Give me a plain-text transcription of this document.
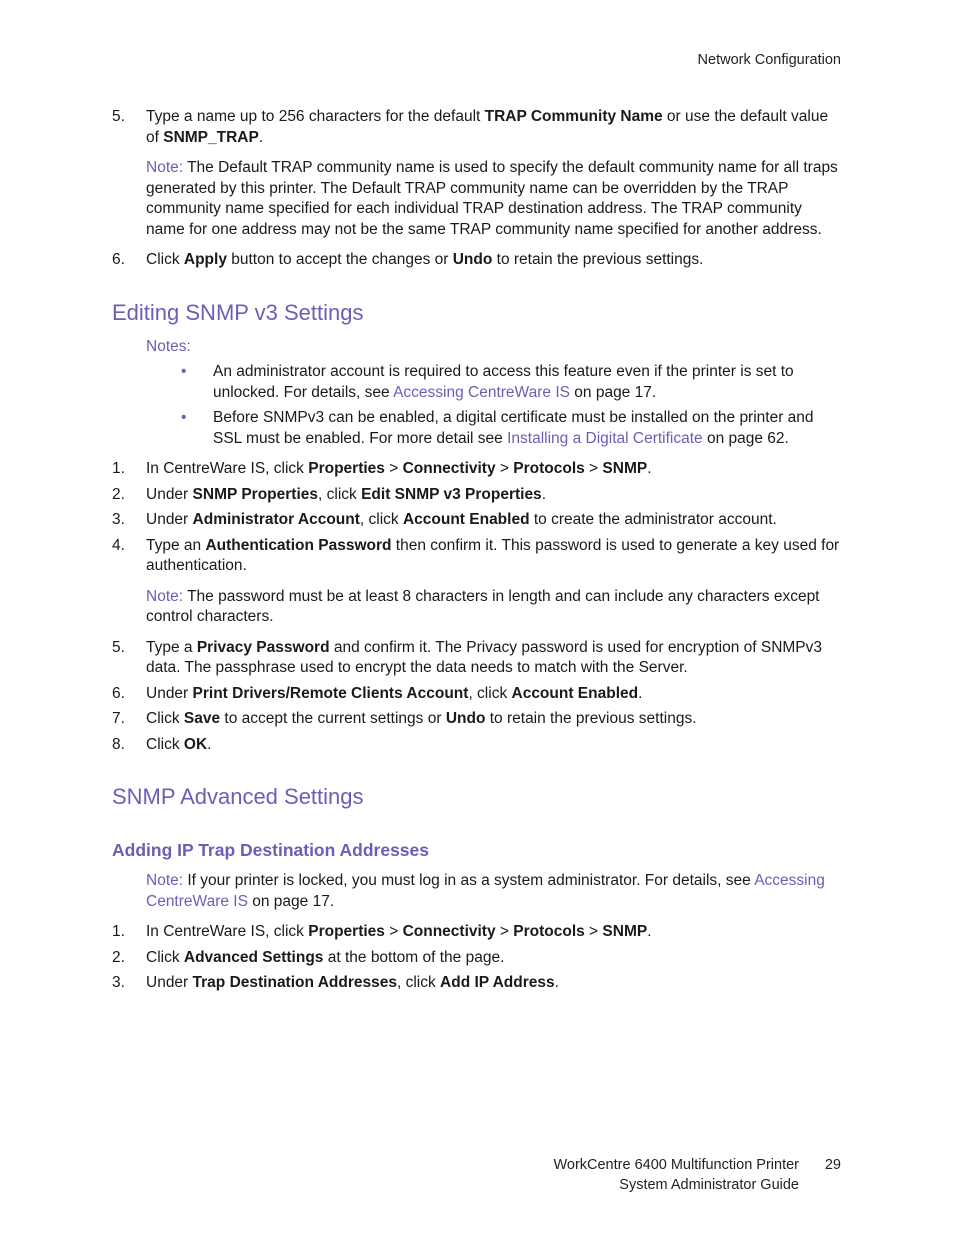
Network Configuration
5.	Type a name up to 256 characters for the default TRAP Community Name or use the default value of SNMP_TRAP.
Note: The Default TRAP community name is used to specify the default community name for all traps generated by this printer. The Default TRAP community name can be overridden by the TRAP community name specified for each individual TRAP destination address. The TRAP community name for one address may not be the same TRAP community name specified for another address.
6.	Click Apply button to accept the changes or Undo to retain the previous settings.
Editing SNMP v3 Settings
Notes:
• An administrator account is required to access this feature even if the printer is set to unlocked. For details, see Accessing CentreWare IS on page 17.
• Before SNMPv3 can be enabled, a digital certificate must be installed on the printer and SSL must be enabled. For more detail see Installing a Digital Certificate on page 62.
1.	In CentreWare IS, click Properties > Connectivity > Protocols > SNMP.
2.	Under SNMP Properties, click Edit SNMP v3 Properties.
3.	Under Administrator Account, click Account Enabled to create the administrator account.
4.	Type an Authentication Password then confirm it. This password is used to generate a key used for authentication.
Note: The password must be at least 8 characters in length and can include any characters except control characters.
5.	Type a Privacy Password and confirm it. The Privacy password is used for encryption of SNMPv3 data. The passphrase used to encrypt the data needs to match with the Server.
6.	Under Print Drivers/Remote Clients Account, click Account Enabled.
7.	Click Save to accept the current settings or Undo to retain the previous settings.
8.	Click OK.
SNMP Advanced Settings
Adding IP Trap Destination Addresses
Note: If your printer is locked, you must log in as a system administrator. For details, see Accessing CentreWare IS on page 17.
1.	In CentreWare IS, click Properties > Connectivity > Protocols > SNMP.
2.	Click Advanced Settings at the bottom of the page.
3.	Under Trap Destination Addresses, click Add IP Address.
WorkCentre 6400 Multifunction Printer 29
System Administrator Guide
